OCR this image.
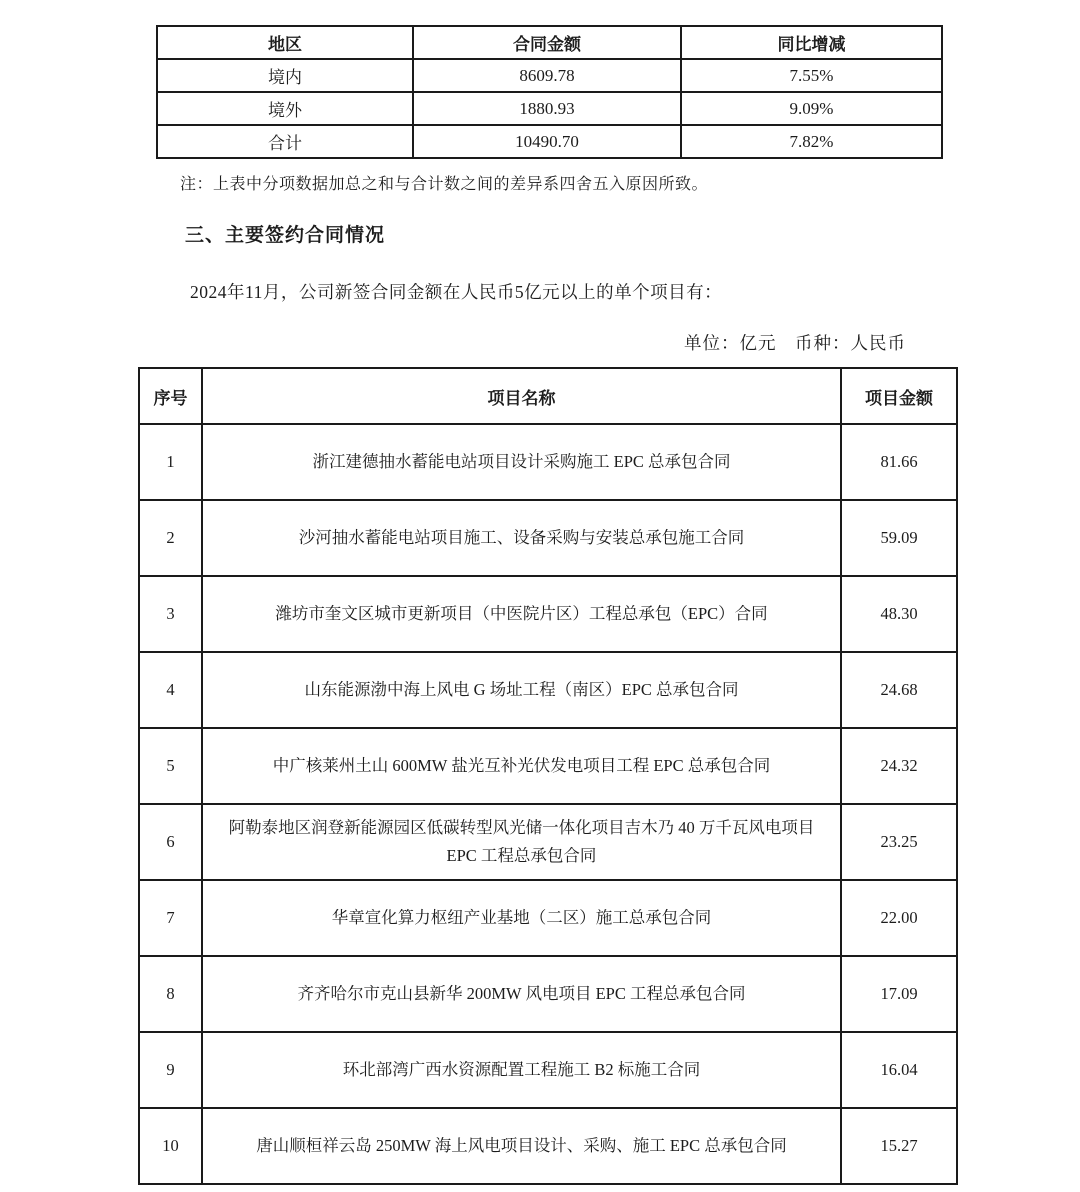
地区	合同金额	同比增减
境内	8609.78	7.55%
境外	1880.93	9.09%
合计	10490.70	7.82%

注：上表中分项数据加总之和与合计数之间的差异系四舍五入原因所致。

三、主要签约合同情况

2024年11月，公司新签合同金额在人民币5亿元以上的单个项目有：

单位：亿元　币种：人民币

序号	项目名称	项目金额
1	浙江建德抽水蓄能电站项目设计采购施工 EPC 总承包合同	81.66
2	沙河抽水蓄能电站项目施工、设备采购与安装总承包施工合同	59.09
3	潍坊市奎文区城市更新项目（中医院片区）工程总承包（EPC）合同	48.30
4	山东能源渤中海上风电 G 场址工程（南区）EPC 总承包合同	24.68
5	中广核莱州土山 600MW 盐光互补光伏发电项目工程 EPC 总承包合同	24.32
6	阿勒泰地区润登新能源园区低碳转型风光储一体化项目吉木乃 40 万千瓦风电项目 EPC 工程总承包合同	23.25
7	华章宣化算力枢纽产业基地（二区）施工总承包合同	22.00
8	齐齐哈尔市克山县新华 200MW 风电项目 EPC 工程总承包合同	17.09
9	环北部湾广西水资源配置工程施工 B2 标施工合同	16.04
10	唐山顺桓祥云岛 250MW 海上风电项目设计、采购、施工 EPC 总承包合同	15.27
